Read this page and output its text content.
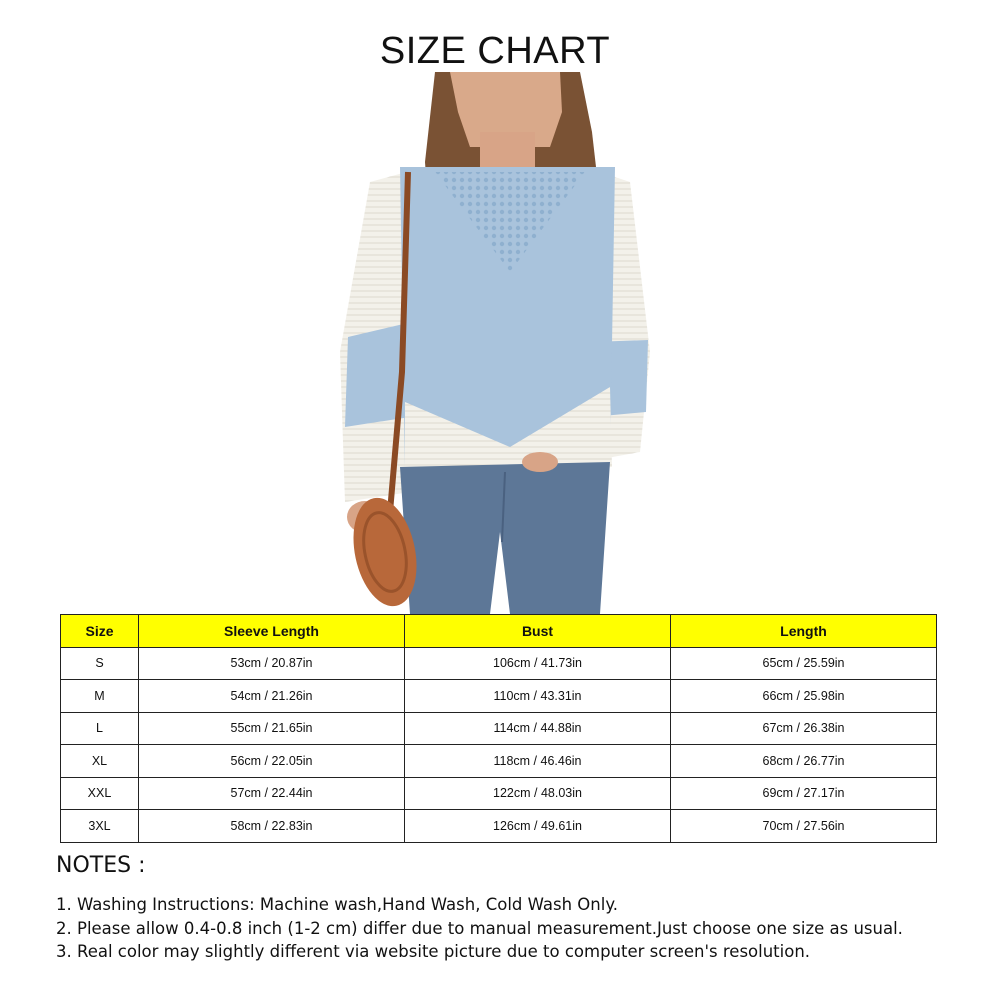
SIZE CHART
Size	Sleeve Length	Bust	Length
S	53cm / 20.87in	106cm / 41.73in	65cm / 25.59in
M	54cm / 21.26in	110cm / 43.31in	66cm / 25.98in
L	55cm / 21.65in	114cm / 44.88in	67cm / 26.38in
XL	56cm / 22.05in	118cm / 46.46in	68cm / 26.77in
XXL	57cm / 22.44in	122cm / 48.03in	69cm / 27.17in
3XL	58cm / 22.83in	126cm / 49.61in	70cm / 27.56in
NOTES :
1. Washing Instructions: Machine wash,Hand Wash, Cold Wash Only.
2. Please allow 0.4-0.8 inch (1-2 cm) differ due to manual measurement.Just choose one size as usual.
3. Real color may slightly different via website picture due to computer screen's resolution.
